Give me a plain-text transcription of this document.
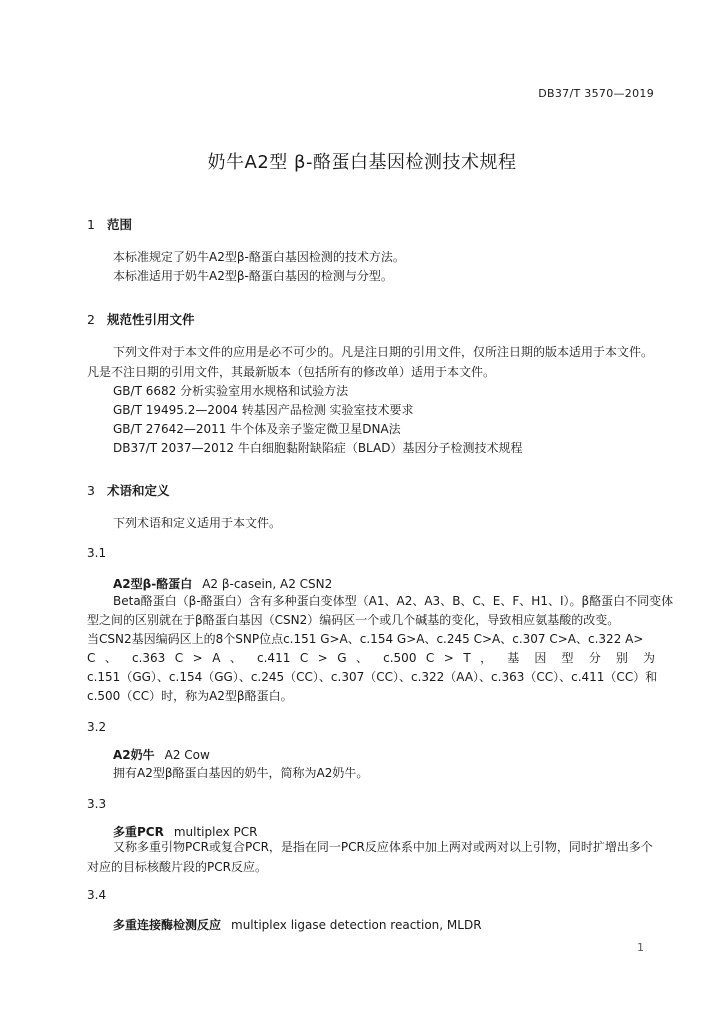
DB37/T 3570—2019
奶牛A2型 β-酪蛋白基因检测技术规程
1 范围
本标准规定了奶牛A2型β-酪蛋白基因检测的技术方法。
本标准适用于奶牛A2型β-酪蛋白基因的检测与分型。
2 规范性引用文件
下列文件对于本文件的应用是必不可少的。凡是注日期的引用文件，仅所注日期的版本适用于本文件。凡是不注日期的引用文件，其最新版本（包括所有的修改单）适用于本文件。
GB/T 6682 分析实验室用水规格和试验方法
GB/T 19495.2—2004 转基因产品检测 实验室技术要求
GB/T 27642—2011 牛个体及亲子鉴定微卫星DNA法
DB37/T 2037—2012 牛白细胞黏附缺陷症（BLAD）基因分子检测技术规程
3 术语和定义
下列术语和定义适用于本文件。
3.1
A2型β-酪蛋白 A2 β-casein, A2 CSN2
Beta酪蛋白（β-酪蛋白）含有多种蛋白变体型（A1、A2、A3、B、C、E、F、H1、I）。β酪蛋白不同变体
型之间的区别就在于β酪蛋白基因（CSN2）编码区一个或几个碱基的变化，导致相应氨基酸的改变。
当CSN2基因编码区上的8个SNP位点c.151 G>A、c.154 G>A、c.245 C>A、c.307 C>A、c.322 A>
C 、 c.363 C > A 、 c.411 C > G 、 c.500 C > T ， 基 因 型 分 别 为
c.151（GG）、c.154（GG）、c.245（CC）、c.307（CC）、c.322（AA）、c.363（CC）、c.411（CC）和
c.500（CC）时，称为A2型β酪蛋白。
3.2
A2奶牛 A2 Cow
拥有A2型β酪蛋白基因的奶牛，简称为A2奶牛。
3.3
多重PCR multiplex PCR
又称多重引物PCR或复合PCR，是指在同一PCR反应体系中加上两对或两对以上引物，同时扩增出多个对应的目标核酸片段的PCR反应。
3.4
多重连接酶检测反应 multiplex ligase detection reaction, MLDR
1
